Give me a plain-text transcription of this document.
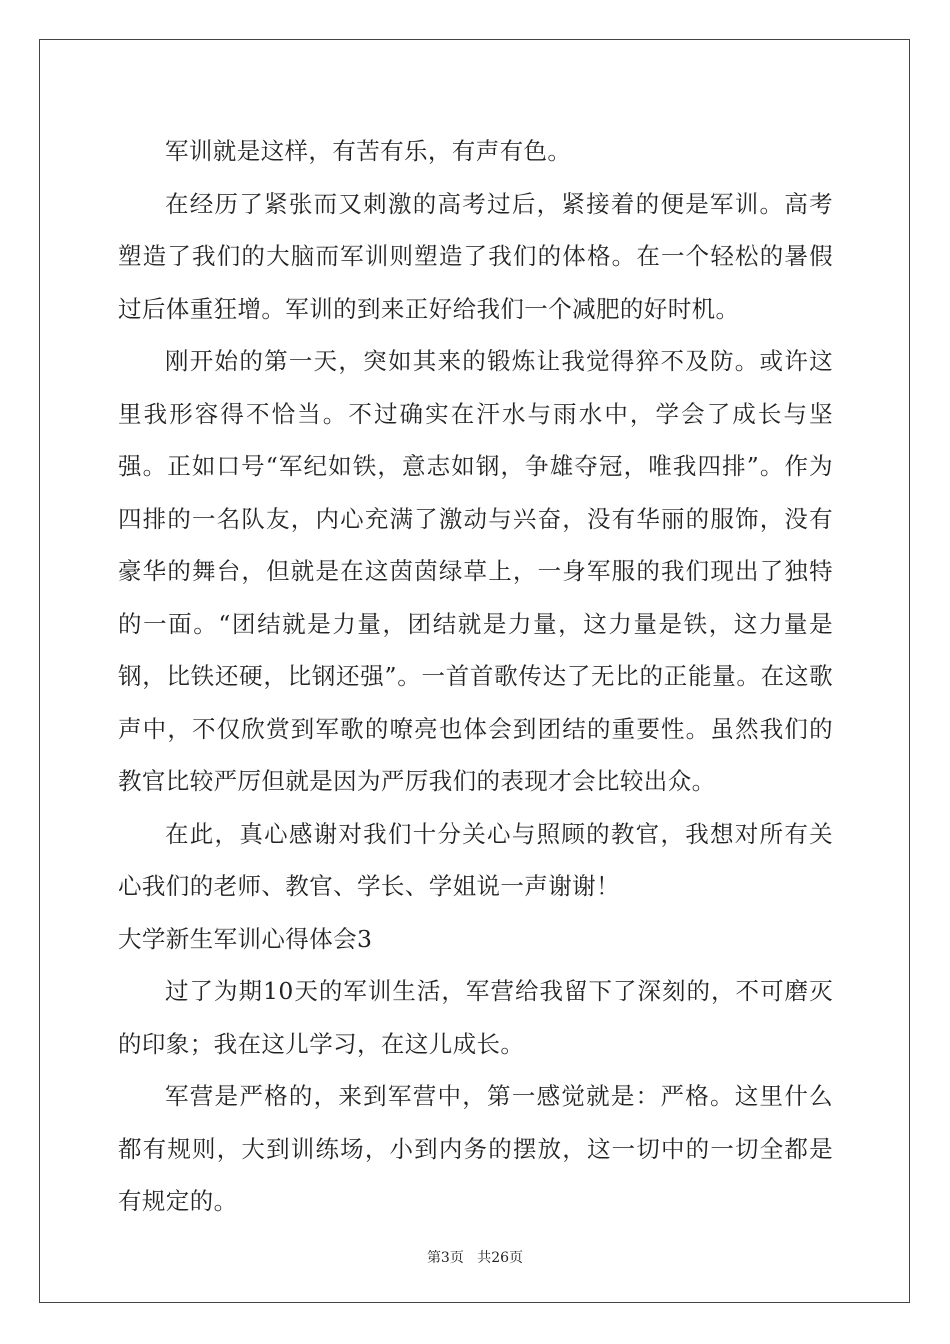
军训就是这样，有苦有乐，有声有色。

在经历了紧张而又刺激的高考过后，紧接着的便是军训。高考塑造了我们的大脑而军训则塑造了我们的体格。在一个轻松的暑假过后体重狂增。军训的到来正好给我们一个减肥的好时机。

刚开始的第一天，突如其来的锻炼让我觉得猝不及防。或许这里我形容得不恰当。不过确实在汗水与雨水中，学会了成长与坚强。正如口号“军纪如铁，意志如钢，争雄夺冠，唯我四排”。作为四排的一名队友，内心充满了激动与兴奋，没有华丽的服饰，没有豪华的舞台，但就是在这茵茵绿草上，一身军服的我们现出了独特的一面。“团结就是力量，团结就是力量，这力量是铁，这力量是钢，比铁还硬，比钢还强”。一首首歌传达了无比的正能量。在这歌声中，不仅欣赏到军歌的嘹亮也体会到团结的重要性。虽然我们的教官比较严厉但就是因为严厉我们的表现才会比较出众。

在此，真心感谢对我们十分关心与照顾的教官，我想对所有关心我们的老师、教官、学长、学姐说一声谢谢！

大学新生军训心得体会3

过了为期10天的军训生活，军营给我留下了深刻的，不可磨灭的印象；我在这儿学习，在这儿成长。

军营是严格的，来到军营中，第一感觉就是：严格。这里什么都有规则，大到训练场，小到内务的摆放，这一切中的一切全都是有规定的。

第3页 共26页
